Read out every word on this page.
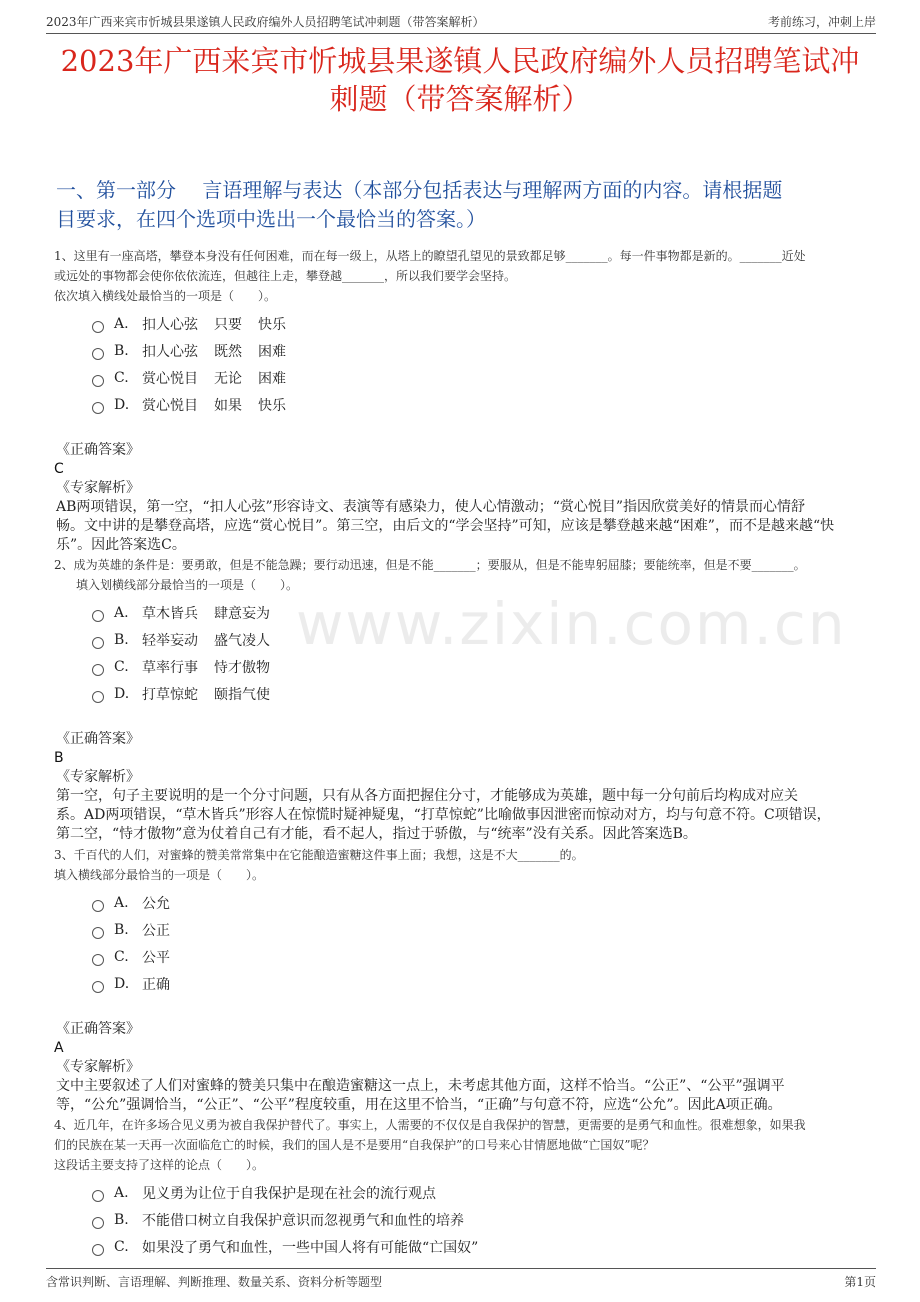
2023年广西来宾市忻城县果遂镇人民政府编外人员招聘笔试冲刺题（带答案解析）	考前练习，冲刺上岸
2023年广西来宾市忻城县果遂镇人民政府编外人员招聘笔试冲
刺题（带答案解析）
一、第一部分　 言语理解与表达（本部分包括表达与理解两方面的内容。请根据题
目要求，在四个选项中选出一个最恰当的答案。）
www.zixin.com.cn
1、这里有一座高塔，攀登本身没有任何困难，而在每一级上，从塔上的瞭望孔望见的景致都足够_______。每一件事物都是新的。_______近处
或远处的事物都会使你依依流连，但越往上走，攀登越_______，所以我们要学会坚持。
依次填入横线处最恰当的一项是（　　）。
A. 扣人心弦 只要 快乐
B. 扣人心弦 既然 困难
C. 赏心悦目 无论 困难
D. 赏心悦目 如果 快乐
《正确答案》
C
《专家解析》
AB两项错误，第一空，“扣人心弦”形容诗文、表演等有感染力，使人心情激动；“赏心悦目”指因欣赏美好的情景而心情舒
畅。文中讲的是攀登高塔，应选“赏心悦目”。第三空，由后文的“学会坚持”可知，应该是攀登越来越“困难”，而不是越来越“快
乐”。因此答案选C。
2、成为英雄的条件是：要勇敢，但是不能急躁；要行动迅速，但是不能_______；要服从，但是不能卑躬屈膝；要能统率，但是不要_______。
填入划横线部分最恰当的一项是（　　）。
A. 草木皆兵 肆意妄为
B. 轻举妄动 盛气凌人
C. 草率行事 恃才傲物
D. 打草惊蛇 颐指气使
《正确答案》
B
《专家解析》
第一空，句子主要说明的是一个分寸问题，只有从各方面把握住分寸，才能够成为英雄，题中每一分句前后均构成对应关
系。AD两项错误，“草木皆兵”形容人在惊慌时疑神疑鬼，“打草惊蛇”比喻做事因泄密而惊动对方，均与句意不符。C项错误，
第二空，“恃才傲物”意为仗着自己有才能，看不起人，指过于骄傲，与“统率”没有关系。因此答案选B。
3、千百代的人们，对蜜蜂的赞美常常集中在它能酿造蜜糖这件事上面；我想，这是不大_______的。
填入横线部分最恰当的一项是（　　）。
A. 公允
B. 公正
C. 公平
D. 正确
《正确答案》
A
《专家解析》
文中主要叙述了人们对蜜蜂的赞美只集中在酿造蜜糖这一点上，未考虑其他方面，这样不恰当。“公正”、“公平”强调平
等，“公允”强调恰当，“公正”、“公平”程度较重，用在这里不恰当，“正确”与句意不符，应选“公允”。因此A项正确。
4、近几年，在许多场合见义勇为被自我保护替代了。事实上，人需要的不仅仅是自我保护的智慧，更需要的是勇气和血性。很难想象，如果我
们的民族在某一天再一次面临危亡的时候，我们的国人是不是要用“自我保护”的口号来心甘情愿地做“亡国奴”呢？
这段话主要支持了这样的论点（　　）。
A. 见义勇为让位于自我保护是现在社会的流行观点
B. 不能借口树立自我保护意识而忽视勇气和血性的培养
C. 如果没了勇气和血性，一些中国人将有可能做“亡国奴”
含常识判断、言语理解、判断推理、数量关系、资料分析等题型	第1页
